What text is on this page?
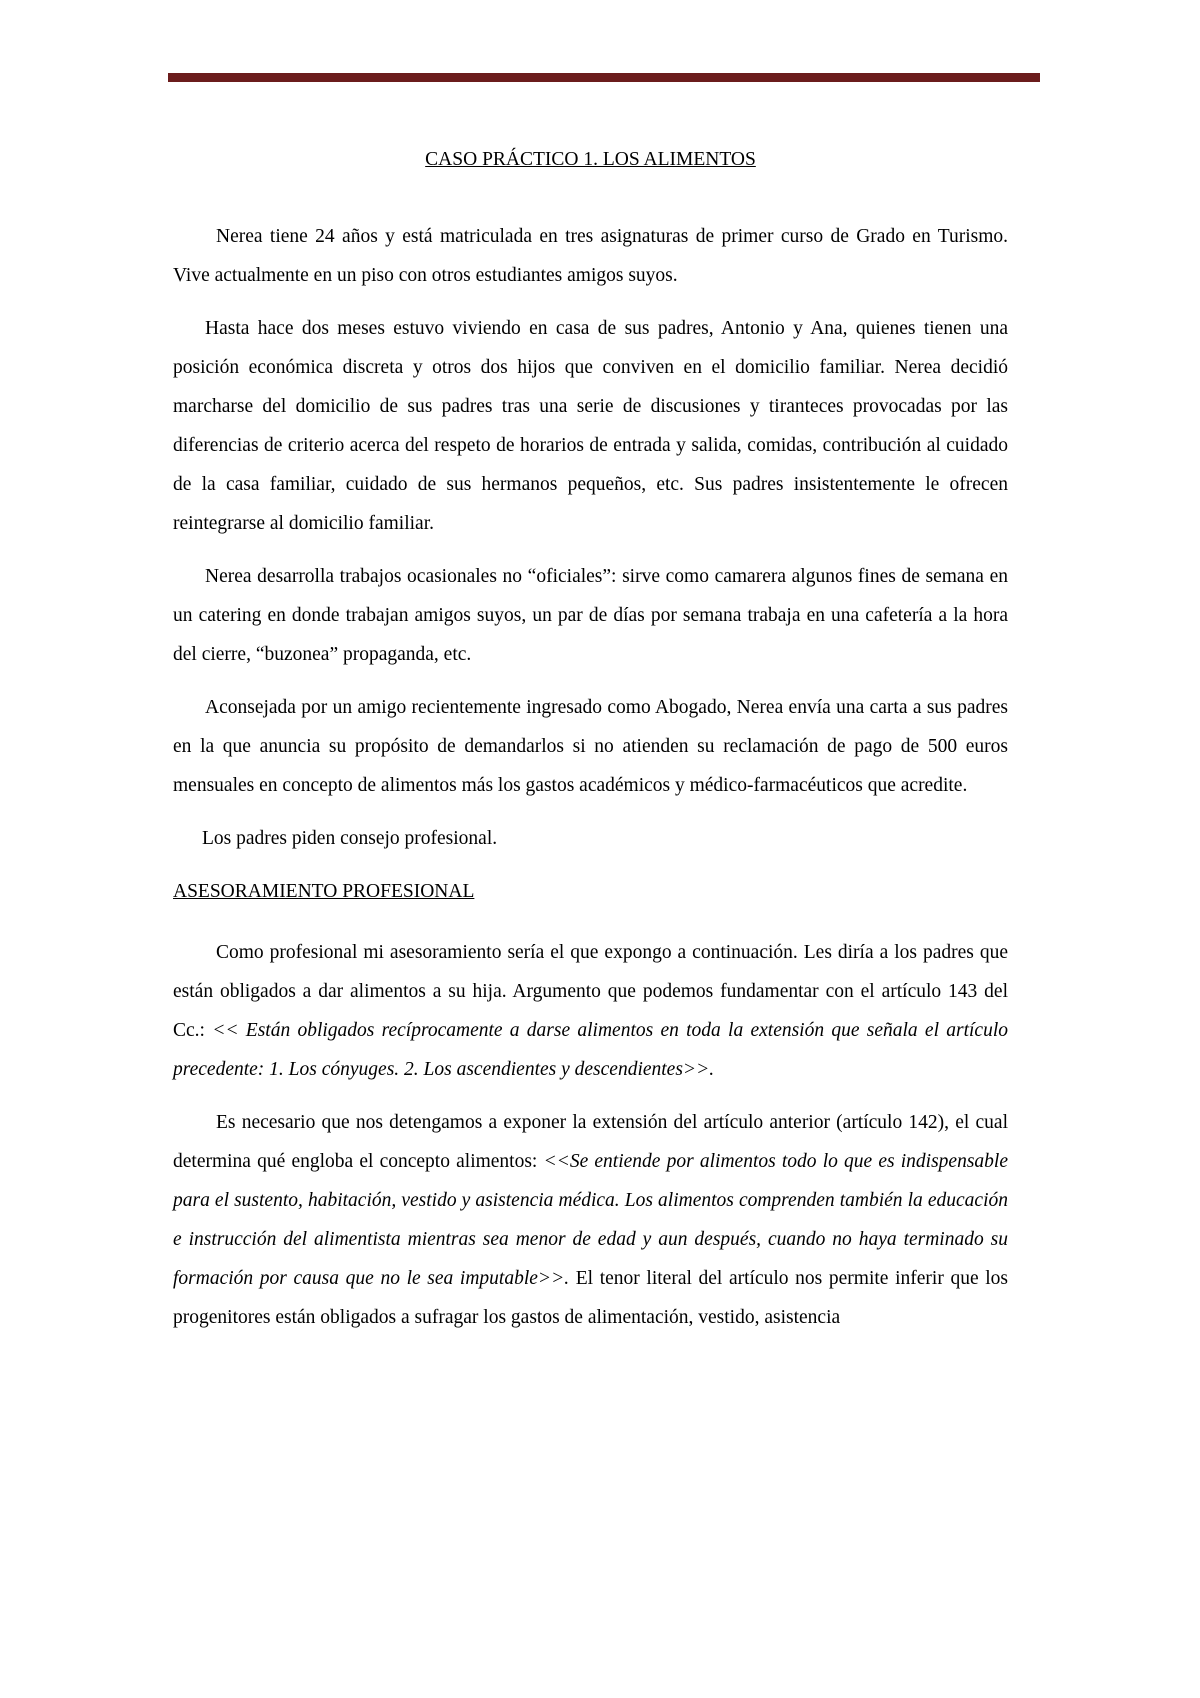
CASO PRÁCTICO 1. LOS ALIMENTOS

Nerea tiene 24 años y está matriculada en tres asignaturas de primer curso de Grado en Turismo. Vive actualmente en un piso con otros estudiantes amigos suyos.

Hasta hace dos meses estuvo viviendo en casa de sus padres, Antonio y Ana, quienes tienen una posición económica discreta y otros dos hijos que conviven en el domicilio familiar. Nerea decidió marcharse del domicilio de sus padres tras una serie de discusiones y tiranteces provocadas por las diferencias de criterio acerca del respeto de horarios de entrada y salida, comidas, contribución al cuidado de la casa familiar, cuidado de sus hermanos pequeños, etc. Sus padres insistentemente le ofrecen reintegrarse al domicilio familiar.

Nerea desarrolla trabajos ocasionales no “oficiales”: sirve como camarera algunos fines de semana en un catering en donde trabajan amigos suyos, un par de días por semana trabaja en una cafetería a la hora del cierre, “buzonea” propaganda, etc.

Aconsejada por un amigo recientemente ingresado como Abogado, Nerea envía una carta a sus padres en la que anuncia su propósito de demandarlos si no atienden su reclamación de pago de 500 euros mensuales en concepto de alimentos más los gastos académicos y médico-farmacéuticos que acredite.

Los padres piden consejo profesional.

ASESORAMIENTO PROFESIONAL

Como profesional mi asesoramiento sería el que expongo a continuación. Les diría a los padres que están obligados a dar alimentos a su hija. Argumento que podemos fundamentar con el artículo 143 del Cc.: << Están obligados recíprocamente a darse alimentos en toda la extensión que señala el artículo precedente: 1. Los cónyuges. 2. Los ascendientes y descendientes>>.

Es necesario que nos detengamos a exponer la extensión del artículo anterior (artículo 142), el cual determina qué engloba el concepto alimentos: <<Se entiende por alimentos todo lo que es indispensable para el sustento, habitación, vestido y asistencia médica. Los alimentos comprenden también la educación e instrucción del alimentista mientras sea menor de edad y aun después, cuando no haya terminado su formación por causa que no le sea imputable>>. El tenor literal del artículo nos permite inferir que los progenitores están obligados a sufragar los gastos de alimentación, vestido, asistencia
